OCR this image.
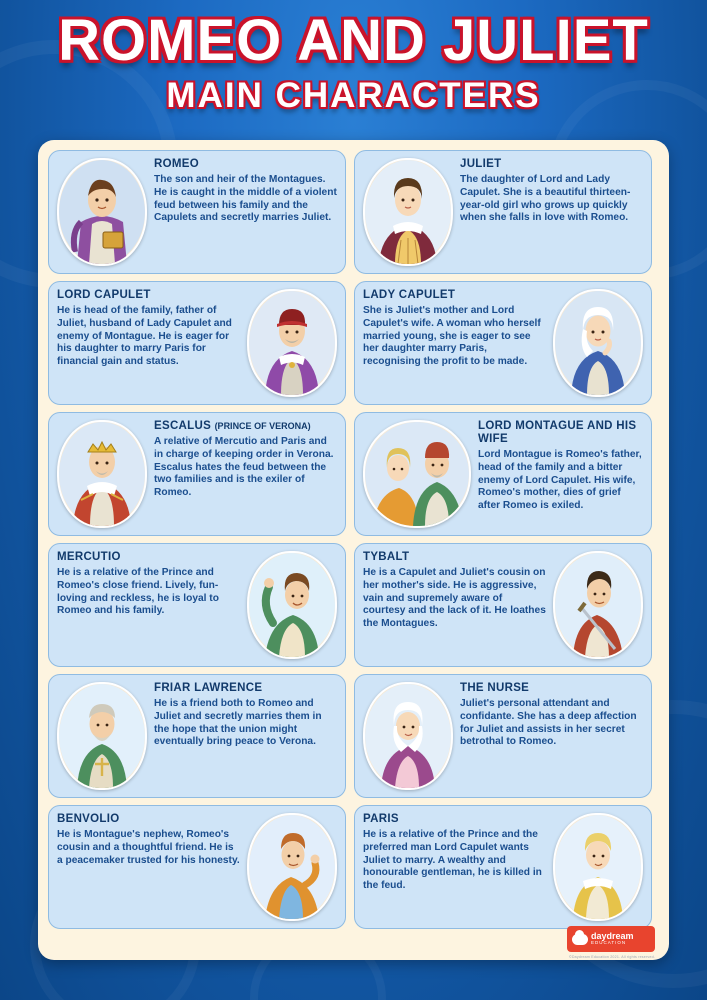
ROMEO AND JULIET
MAIN CHARACTERS
ROMEO
The son and heir of the Montagues. He is caught in the middle of a violent feud between his family and the Capulets and secretly marries Juliet.
JULIET
The daughter of Lord and Lady Capulet. She is a beautiful thirteen-year-old girl who grows up quickly when she falls in love with Romeo.
LORD CAPULET
He is head of the family, father of Juliet, husband of Lady Capulet and enemy of Montague. He is eager for his daughter to marry Paris for financial gain and status.
LADY CAPULET
She is Juliet's mother and Lord Capulet's wife. A woman who herself married young, she is eager to see her daughter marry Paris, recognising the profit to be made.
ESCALUS (PRINCE OF VERONA)
A relative of Mercutio and Paris and in charge of keeping order in Verona. Escalus hates the feud between the two families and is the exiler of Romeo.
LORD MONTAGUE AND HIS WIFE
Lord Montague is Romeo's father, head of the family and a bitter enemy of Lord Capulet. His wife, Romeo's mother, dies of grief after Romeo is exiled.
MERCUTIO
He is a relative of the Prince and Romeo's close friend. Lively, fun-loving and reckless, he is loyal to Romeo and his family.
TYBALT
He is a Capulet and Juliet's cousin on her mother's side. He is aggressive, vain and supremely aware of courtesy and the lack of it. He loathes the Montagues.
FRIAR LAWRENCE
He is a friend both to Romeo and Juliet and secretly marries them in the hope that the union might eventually bring peace to Verona.
THE NURSE
Juliet's personal attendant and confidante. She has a deep affection for Juliet and assists in her secret betrothal to Romeo.
BENVOLIO
He is Montague's nephew, Romeo's cousin and a thoughtful friend. He is a peacemaker trusted for his honesty.
PARIS
He is a relative of the Prince and the preferred man Lord Capulet wants Juliet to marry. A wealthy and honourable gentleman, he is killed in the feud.
daydream
EDUCATION
©Daydream Education 2021. All rights reserved.
